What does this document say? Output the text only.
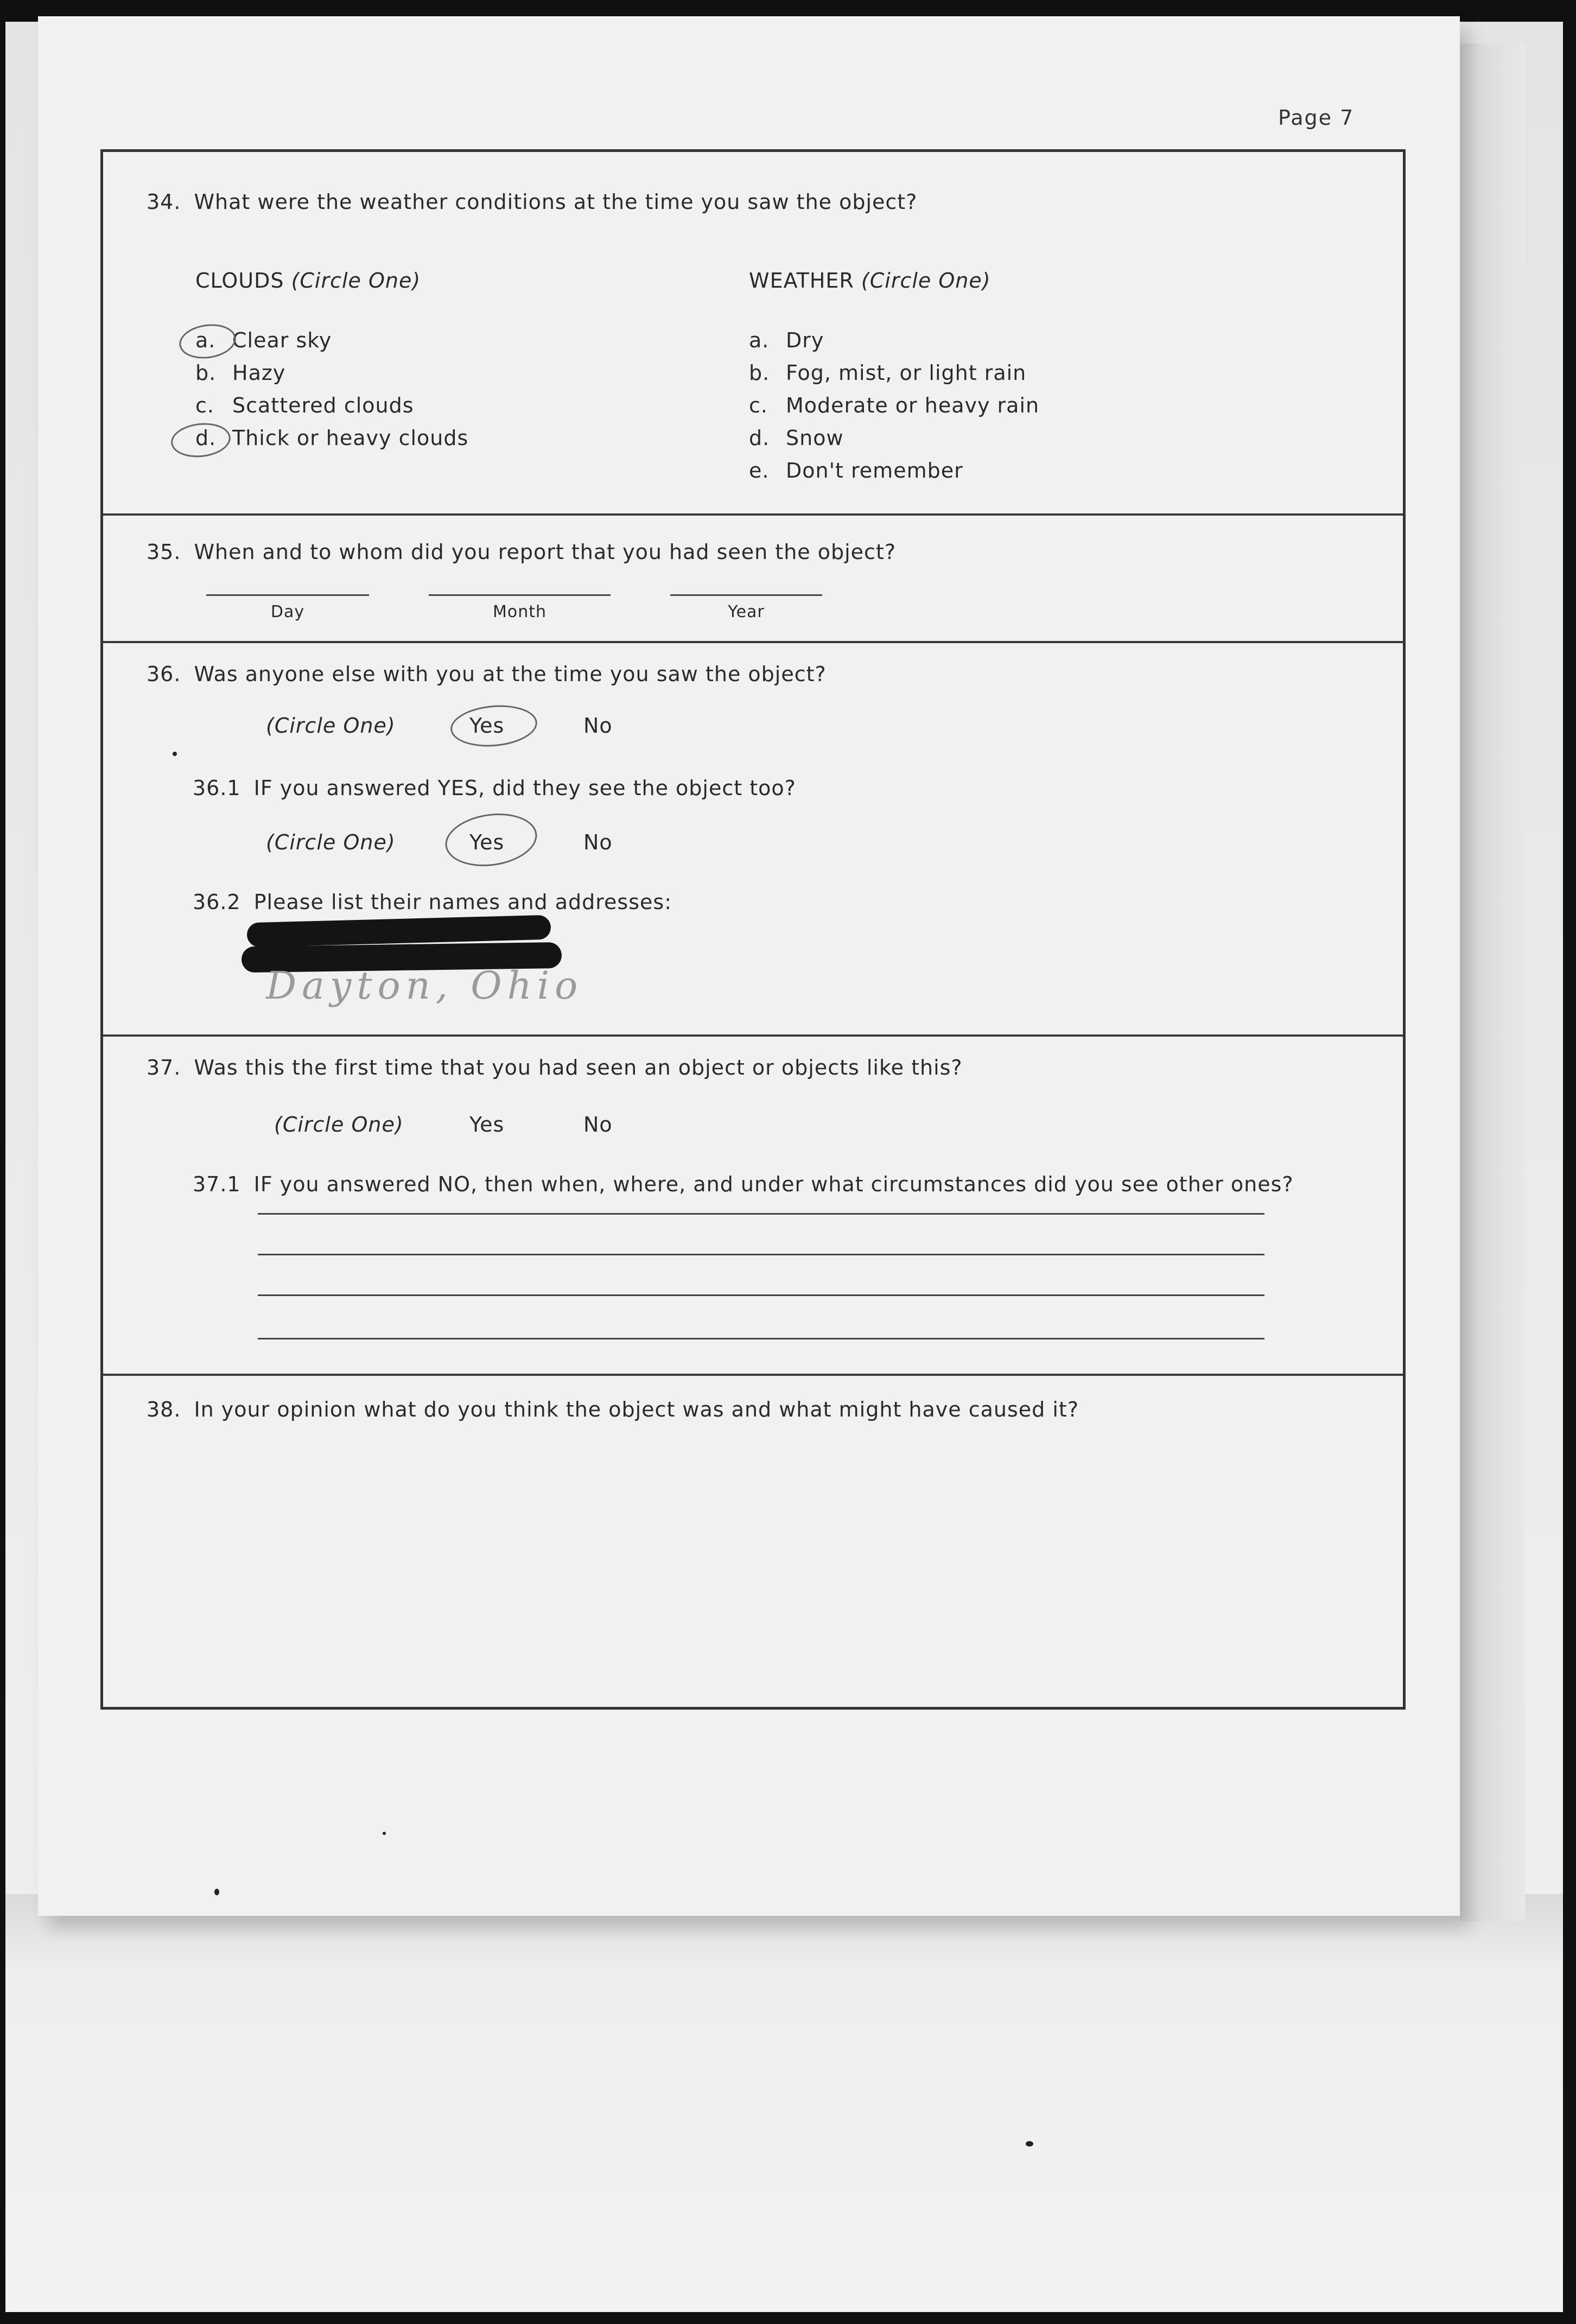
Page 7
34. What were the weather conditions at the time you saw the object?
CLOUDS (Circle One)
a. Clear sky
b. Hazy
c. Scattered clouds
d. Thick or heavy clouds
WEATHER (Circle One)
a. Dry
b. Fog, mist, or light rain
c. Moderate or heavy rain
d. Snow
e. Don't remember
35. When and to whom did you report that you had seen the object?
Day	Month	Year
36. Was anyone else with you at the time you saw the object?
(Circle One)	Yes	No
36.1 IF you answered YES, did they see the object too?
(Circle One)	Yes	No
36.2 Please list their names and addresses:
Dayton, Ohio
37. Was this the first time that you had seen an object or objects like this?
(Circle One)	Yes	No
37.1 IF you answered NO, then when, where, and under what circumstances did you see other ones?
38. In your opinion what do you think the object was and what might have caused it?
